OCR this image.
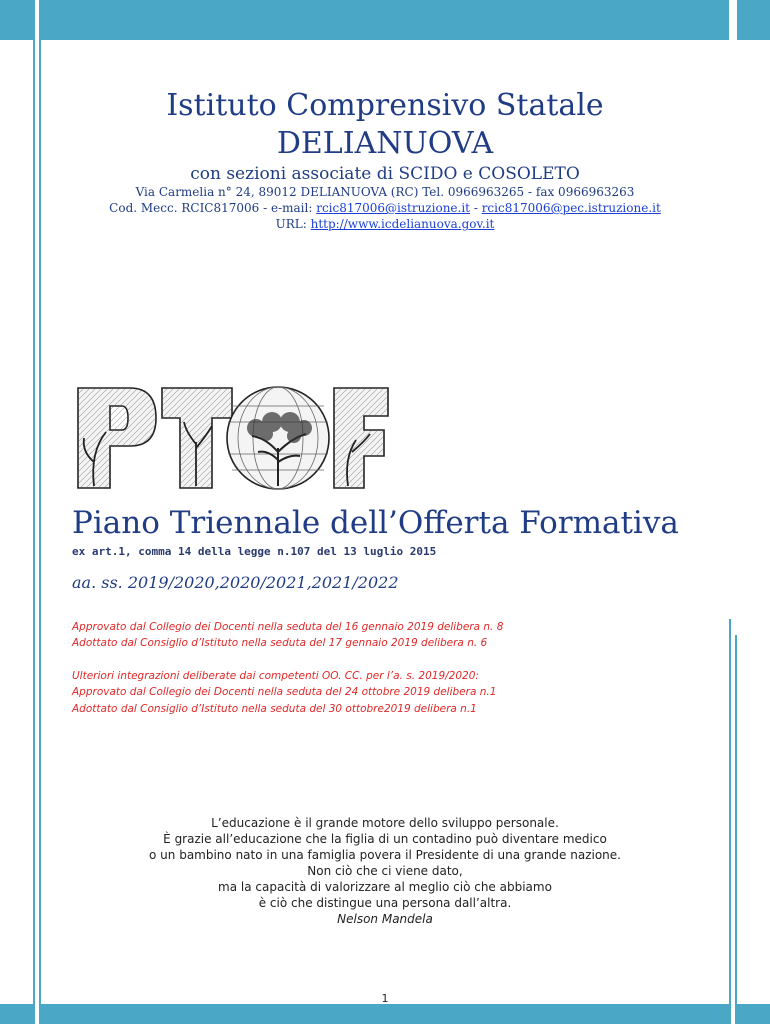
Istituto Comprensivo Statale
DELIANUOVA
con sezioni associate di SCIDO e COSOLETO
Via Carmelia n° 24, 89012 DELIANUOVA (RC) Tel. 0966963265 - fax 0966963263
Cod. Mecc. RCIC817006 - e-mail: rcic817006@istruzione.it - rcic817006@pec.istruzione.it
URL: http://www.icdelianuova.gov.it
Piano Triennale dell’Offerta Formativa
ex art.1, comma 14 della legge n.107 del 13 luglio 2015
aa. ss. 2019/2020,2020/2021,2021/2022
Approvato dal Collegio dei Docenti nella seduta del 16 gennaio 2019 delibera n. 8
Adottato dal Consiglio d’Istituto nella seduta del 17 gennaio 2019 delibera n. 6
Ulteriori integrazioni deliberate dai competenti OO. CC. per l’a. s. 2019/2020:
Approvato dal Collegio dei Docenti nella seduta del 24 ottobre 2019 delibera n.1
Adottato dal Consiglio d’Istituto nella seduta del 30 ottobre2019 delibera n.1
L’educazione è il grande motore dello sviluppo personale.
È grazie all’educazione che la figlia di un contadino può diventare medico
o un bambino nato in una famiglia povera il Presidente di una grande nazione.
Non ciò che ci viene dato,
ma la capacità di valorizzare al meglio ciò che abbiamo
è ciò che distingue una persona dall’altra.
Nelson Mandela
1
